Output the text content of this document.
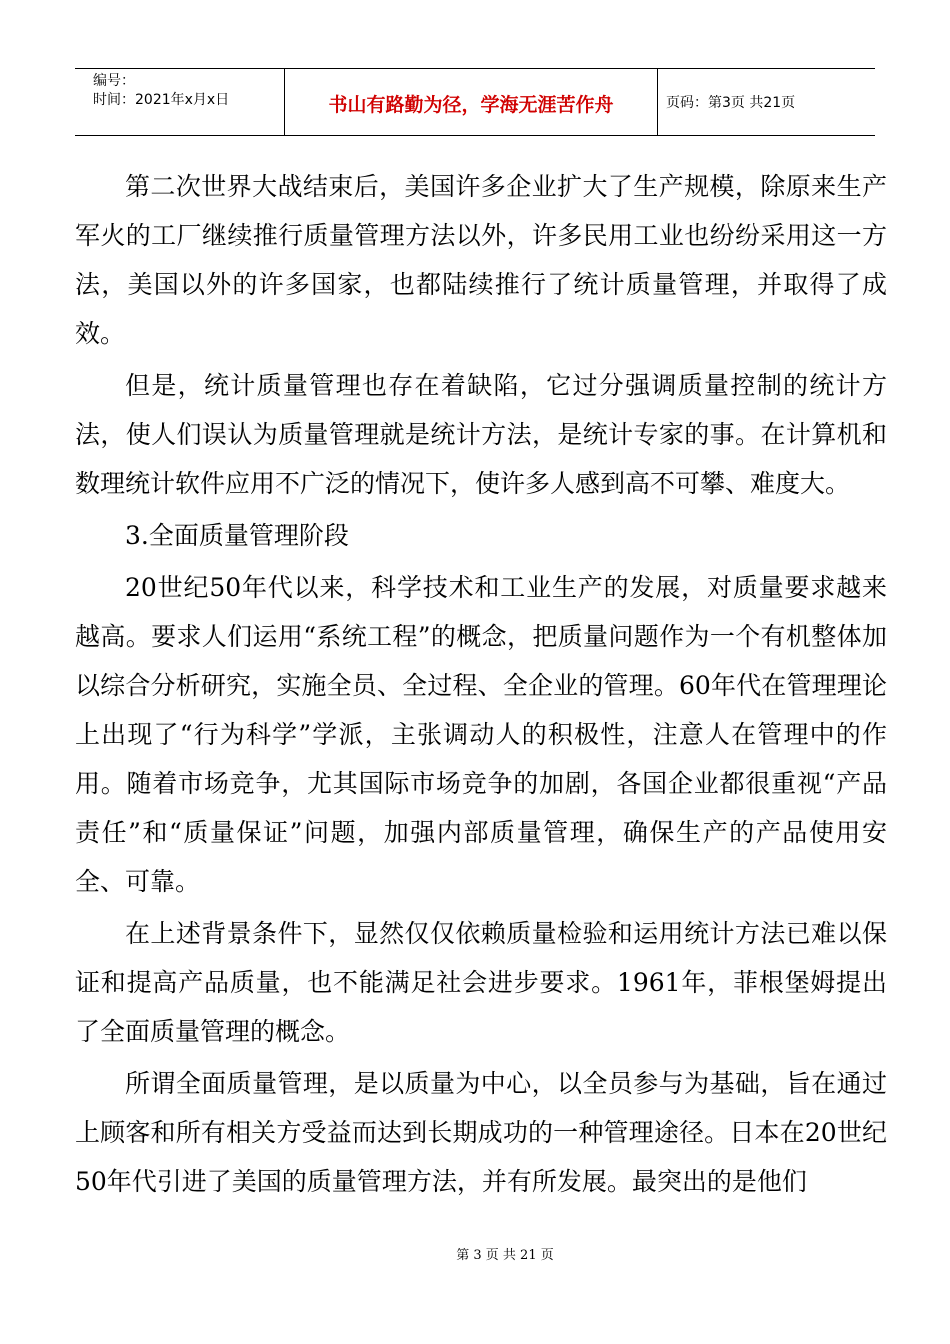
编号：
时间：2021年x月x日	书山有路勤为径，学海无涯苦作舟	页码：第3页 共21页

第二次世界大战结束后，美国许多企业扩大了生产规模，除原来生产军火的工厂继续推行质量管理方法以外，许多民用工业也纷纷采用这一方法，美国以外的许多国家，也都陆续推行了统计质量管理，并取得了成效。

但是，统计质量管理也存在着缺陷，它过分强调质量控制的统计方法，使人们误认为质量管理就是统计方法，是统计专家的事。在计算机和数理统计软件应用不广泛的情况下，使许多人感到高不可攀、难度大。

3.全面质量管理阶段

20世纪50年代以来，科学技术和工业生产的发展，对质量要求越来越高。要求人们运用“系统工程”的概念，把质量问题作为一个有机整体加以综合分析研究，实施全员、全过程、全企业的管理。60年代在管理理论上出现了“行为科学”学派，主张调动人的积极性，注意人在管理中的作用。随着市场竞争，尤其国际市场竞争的加剧，各国企业都很重视“产品责任”和“质量保证”问题，加强内部质量管理，确保生产的产品使用安全、可靠。

在上述背景条件下，显然仅仅依赖质量检验和运用统计方法已难以保证和提高产品质量，也不能满足社会进步要求。1961年，菲根堡姆提出了全面质量管理的概念。

所谓全面质量管理，是以质量为中心，以全员参与为基础，旨在通过上顾客和所有相关方受益而达到长期成功的一种管理途径。日本在20世纪50年代引进了美国的质量管理方法，并有所发展。最突出的是他们

第 3 页 共 21 页
